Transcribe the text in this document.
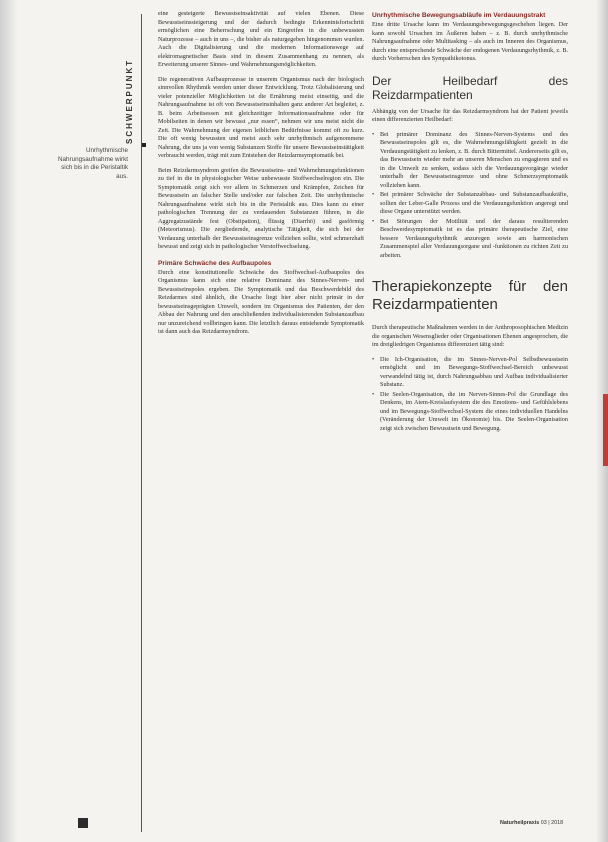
SCHWERPUNKT
Unrhythmische Nahrungsaufnahme wirkt sich bis in die Peristaltik aus.

eine gesteigerte Bewusstseinsaktivität auf vielen Ebenen. Diese Bewusstseinssteigerung und der dadurch bedingte Erkenntnisfortschritt ermöglichen eine Beherrschung und ein Eingreifen in die unbewussten Naturprozesse – auch in uns –, die bisher als naturgegeben hingenommen wurden. Auch die Digitalisierung und die modernen Informationswege auf elektromagnetischer Basis sind in diesem Zusammenhang zu nennen, als Erweiterung unserer Sinnes- und Wahrnehmungsmöglichkeiten.

Die regenerativen Aufbauprozesse in unserem Organismus nach der biologisch sinnvollen Rhythmik werden unter dieser Entwicklung. Trotz Globalisierung und vieler potenzieller Möglichkeiten ist die Ernährung meist einseitig, und die Nahrungsaufnahme ist oft von Bewusstseinsinhalten ganz anderer Art begleitet, z. B. beim Arbeitsessen mit gleichzeitiger Informationsaufnahme oder für Mobilseiten in denen wir bewusst „nur essen“, nehmen wir uns meist nicht die Zeit. Die Wahrnehmung der eigenen leiblichen Bedürfnisse kommt oft zu kurz. Die oft wenig bewussten und meist auch sehr unrhythmisch aufgenommene Nahrung, die uns ja von wenig Substanzen Stoffe für unsere Bewusstseinstätigkeit verbraucht werden, trägt mit zum Entstehen der Reizdarmsymptomatik bei.

Beim Reizdarmsyndrom greifen die Bewusstseins- und Wahrnehmungsfunktionen zu tief in die in physiologischer Weise unbewusste Stoffwechselregion ein. Die Symptomatik zeigt sich vor allem in Schmerzen und Krämpfen, Zeichen für Bewusstsein an falscher Stelle und/oder zur falschen Zeit. Die unrhythmische Nahrungsaufnahme wirkt sich bis in die Peristaltik aus. Dies kann zu einer pathologischen Trennung der zu verdauenden Substanzen führen, in die Aggregatzustände fest (Obstipation), flüssig (Diarrhö) und gasförmig (Meteorismus). Die zergliedernde, analytische Tätigkeit, die sich bei der Verdauung unterhalb der Bewusstseinsgrenze vollziehen sollte, wird schmerzhaft bewusst und zeigt sich in pathologischer Verstoffwechselung.

Primäre Schwäche des Aufbaupoles

Durch eine konstitutionelle Schwäche des Stoffwechsel-Aufbaupoles des Organismus kann sich eine relative Dominanz des Sinnes-Nerven- und Bewusstseinspoles ergeben. Die Symptomatik und das Beschwerdebild des Reizdarmes sind ähnlich, die Ursache liegt hier aber nicht primär in der bewusstseinsgeprägten Umwelt, sondern im Organismus des Patienten, der den Abbau der Nahrung und den anschließenden individualisierenden Substanzaufbau nur unzureichend vollbringen kann. Die letztlich daraus entstehende Symptomatik ist dann auch das Reizdarmsyndrom.

Unrhythmische Bewegungsabläufe im Verdauungstrakt

Eine dritte Ursache kann im Verdauungsbewegungsgeschehen liegen. Der kann sowohl Ursachen im Äußeren haben – z. B. durch unrhythmische Nahrungsaufnahme oder Multitasking – als auch im Inneren des Organismus, durch eine entsprechende Schwäche der endogenen Verdauungsrhythmik, z. B. durch Vorherrschen des Sympathikotonus.

Der Heilbedarf des Reizdarmpatienten

Abhängig von der Ursache für das Reizdarmsyndrom hat der Patient jeweils einen differenzierten Heilbedarf:

• Bei primärer Dominanz des Sinnes-Nerven-Systems und des Bewusstseinspoles gilt es, die Wahrnehmungsfähigkeit gezielt in die Verdauungstätigkeit zu lenken, z. B. durch Bittermittel. Andererseits gilt es, das Bewusstsein wieder mehr an unseren Menschen zu engagieren und es in die Umwelt zu senken, sodass sich die Verdauungsvorgänge wieder unterhalb der Bewusstseinsgrenze und ohne Schmerzsymptomatik vollziehen kann.
• Bei primärer Schwäche der Substanzabbau- und Substanzaufbaukräfte, sollten der Leber-Galle Prozess und die Verdauungsfunktion angeregt und diese Organe unterstützt werden.
• Bei Störungen der Motilität und der daraus resultierenden Beschwerdesymptomatik ist es das primäre therapeutische Ziel, eine bessere Verdauungsrhythmik anzuregen sowie am harmonischen Zusammenspiel aller Verdauungsorgane und -funktionen zu richten Zeit zu arbeiten.
Therapiekonzepte für den Reizdarmpatienten

Durch therapeutische Maßnahmen werden in der Anthroposophischen Medizin die organischen Wesensglieder oder Organisationen Ebenen angesprochen, die im dreigliedrigen Organismus differenziert tätig sind:

• Die Ich-Organisation, die im Sinnes-Nerven-Pol Selbstbewusstsein ermöglicht und im Bewegungs-Stoffwechsel-Bereich unbewusst verwandelnd tätig ist, durch Nahrungsabbau und Aufbau individualisierter Substanz.
• Die Seelen-Organisation, die im Nerven-Sinnes-Pol die Grundlage des Denkens, im Atem-Kreislaufsystem die des Emotions- und Gefühlslebens und im Bewegungs-Stoffwechsel-System die eines individuellen Handelns (Veränderung der Umwelt im Ökonomie) bis. Die Seelen-Organisation zeigt sich zwischen Bewusstsein und Bewegung.
Naturheilpraxis 03 | 2018
